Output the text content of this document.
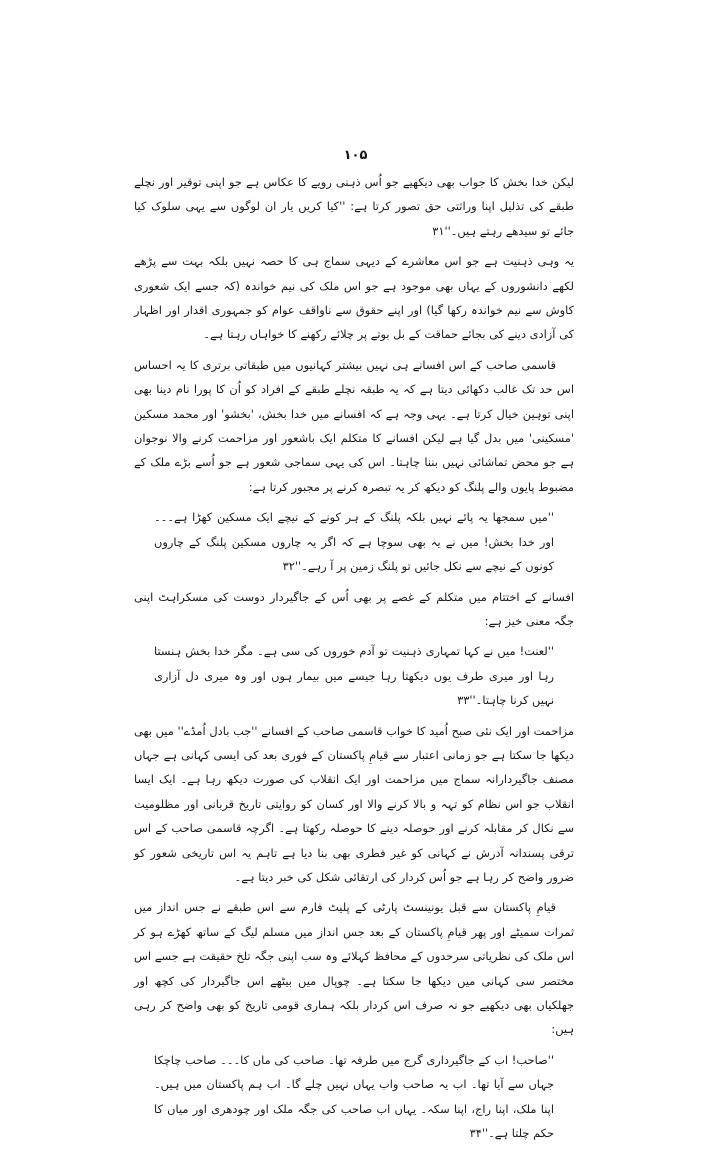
١٠۵

لیکن خدا بخش کا جواب بھی دیکھیے جو اُس ذہنی رویے کا عکاس ہے جو اپنی توقیر اور نچلے طبقے کی تذلیل اپنا وراثتی حق تصور کرتا ہے: ''کیا کریں یار ان لوگوں سے یہی سلوک کیا جائے تو سیدھے رہتے ہیں۔''۳۱

یہ وہی ذہنیت ہے جو اس معاشرے کے دیہی سماج ہی کا حصہ نہیں بلکہ بہت سے پڑھے لکھے دانشوروں کے یہاں بھی موجود ہے جو اس ملک کی نیم خواندہ (کہ جسے ایک شعوری کاوش سے نیم خواندہ رکھا گیا) اور اپنے حقوق سے ناواقف عوام کو جمہوری اقدار اور اظہار کی آزادی دینے کی بجائے حماقت کے بل بوتے پر چلائے رکھنے کا خواہاں رہتا ہے۔

قاسمی صاحب کے اس افسانے ہی نہیں بیشتر کہانیوں میں طبقاتی برتری کا یہ احساس اس حد تک غالب دکھائی دیتا ہے کہ یہ طبقہ نچلے طبقے کے افراد کو اُن کا پورا نام دینا بھی اپنی توہین خیال کرتا ہے۔ یہی وجہ ہے کہ افسانے میں خدا بخش، 'بخشو' اور محمد مسکین 'مسکینی' میں بدل گیا ہے لیکن افسانے کا متکلم ایک باشعور اور مزاحمت کرنے والا نوجوان ہے جو محض تماشائی نہیں بننا چاہتا۔ اس کی یہی سماجی شعور ہے جو اُسے بڑے ملک کے مضبوط پایوں والے پلنگ کو دیکھ کر یہ تبصرہ کرنے پر مجبور کرتا ہے:

''میں سمجھا یہ پائے نہیں بلکہ پلنگ کے ہر کونے کے نیچے ایک مسکین کھڑا ہے۔۔۔ اور خدا بخش! میں نے یہ بھی سوچا ہے کہ اگر یہ چاروں مسکین پلنگ کے چاروں کونوں کے نیچے سے نکل جائیں تو پلنگ زمین پر آ رہے۔''۳۲

افسانے کے اختتام میں متکلم کے غصے پر بھی اُس کے جاگیردار دوست کی مسکراہٹ اپنی جگہ معنی خیز ہے:

''لعنت! میں نے کہا تمہاری ذہنیت تو آدم خوروں کی سی ہے۔ مگر خدا بخش ہنستا رہا اور میری طرف یوں دیکھتا رہا جیسے میں بیمار ہوں اور وہ میری دل آزاری نہیں کرنا چاہتا۔''۳۳

مزاحمت اور ایک نئی صبح اُمید کا خواب قاسمی صاحب کے افسانے ''جب بادل اُمڈے'' میں بھی دیکھا جا سکتا ہے جو زمانی اعتبار سے قیامِ پاکستان کے فوری بعد کی ایسی کہانی ہے جہاں مصنف جاگیردارانہ سماج میں مزاحمت اور ایک انقلاب کی صورت دیکھ رہا ہے۔ ایک ایسا انقلاب جو اس نظام کو تہہ و بالا کرنے والا اور کسان کو روایتی تاریخ قربانی اور مظلومیت سے نکال کر مقابلہ کرنے اور حوصلہ دینے کا حوصلہ رکھتا ہے۔ اگرچہ قاسمی صاحب کے اس ترقی پسندانہ آدرش نے کہانی کو غیر فطری بھی بنا دیا ہے تاہم یہ اس تاریخی شعور کو ضرور واضح کر رہا ہے جو اُس کردار کی ارتقائی شکل کی خبر دیتا ہے۔

قیامِ پاکستان سے قبل یونینسٹ پارٹی کے پلیٹ فارم سے اس طبقے نے جس انداز میں ثمرات سمیٹے اور پھر قیامِ پاکستان کے بعد جس انداز میں مسلم لیگ کے ساتھ کھڑے ہو کر اس ملک کی نظریاتی سرحدوں کے محافظ کہلائے وہ سب اپنی جگہ تلخ حقیقت ہے جسے اس مختصر سی کہانی میں دیکھا جا سکتا ہے۔ چوپال میں بیٹھے اس جاگیردار کی کچھ اور جھلکیاں بھی دیکھیے جو نہ صرف اس کردار بلکہ ہماری قومی تاریخ کو بھی واضح کر رہی ہیں:

''صاحب! اب کے جاگیرداری گرج میں طرفہ تھا۔ صاحب کی ماں کا۔۔۔ صاحب چاچکا جہاں سے آیا تھا۔ اب یہ صاحب واب یہاں نہیں چلے گا۔ اب ہم پاکستان میں ہیں۔ اپنا ملک، اپنا راج، اپنا سکہ۔ یہاں اب صاحب کی جگہ ملک اور چودھری اور میاں کا حکم چلتا ہے۔''۳۴
